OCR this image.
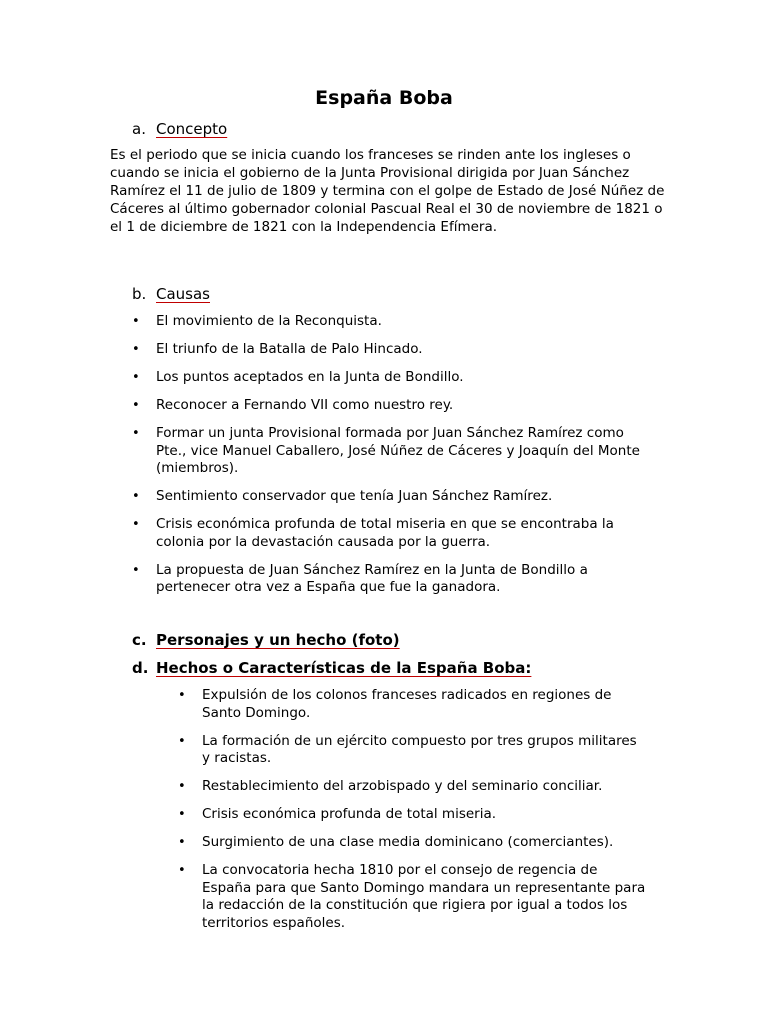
España Boba
a. Concepto
Es el periodo que se inicia cuando los franceses se rinden ante los ingleses o cuando se inicia el gobierno de la Junta Provisional dirigida por Juan Sánchez Ramírez el 11 de julio de 1809 y termina con el golpe de Estado de José Núñez de Cáceres al último gobernador colonial Pascual Real el 30 de noviembre de 1821 o el 1 de diciembre de 1821 con la Independencia Efímera.
b. Causas
•	El movimiento de la Reconquista.
•	El triunfo de la Batalla de Palo Hincado.
•	Los puntos aceptados en la Junta de Bondillo.
•	Reconocer a Fernando VII como nuestro rey.
•	Formar un junta Provisional formada por Juan Sánchez Ramírez como Pte., vice Manuel Caballero, José Núñez de Cáceres y Joaquín del Monte (miembros).
•	Sentimiento conservador que tenía Juan Sánchez Ramírez.
•	Crisis económica profunda de total miseria en que se encontraba la colonia por la devastación causada por la guerra.
•	La propuesta de Juan Sánchez Ramírez en la Junta de Bondillo a pertenecer otra vez a España que fue la ganadora.
c. Personajes y un hecho (foto)
d. Hechos o Características de la España Boba:
•	Expulsión de los colonos franceses radicados en regiones de Santo Domingo.
•	La formación de un ejército compuesto por tres grupos militares y racistas.
•	Restablecimiento del arzobispado y del seminario conciliar.
•	Crisis económica profunda de total miseria.
•	Surgimiento de una clase media dominicano (comerciantes).
•	La convocatoria hecha 1810 por el consejo de regencia de España para que Santo Domingo mandara un representante para la redacción de la constitución que rigiera por igual a todos los territorios españoles.
